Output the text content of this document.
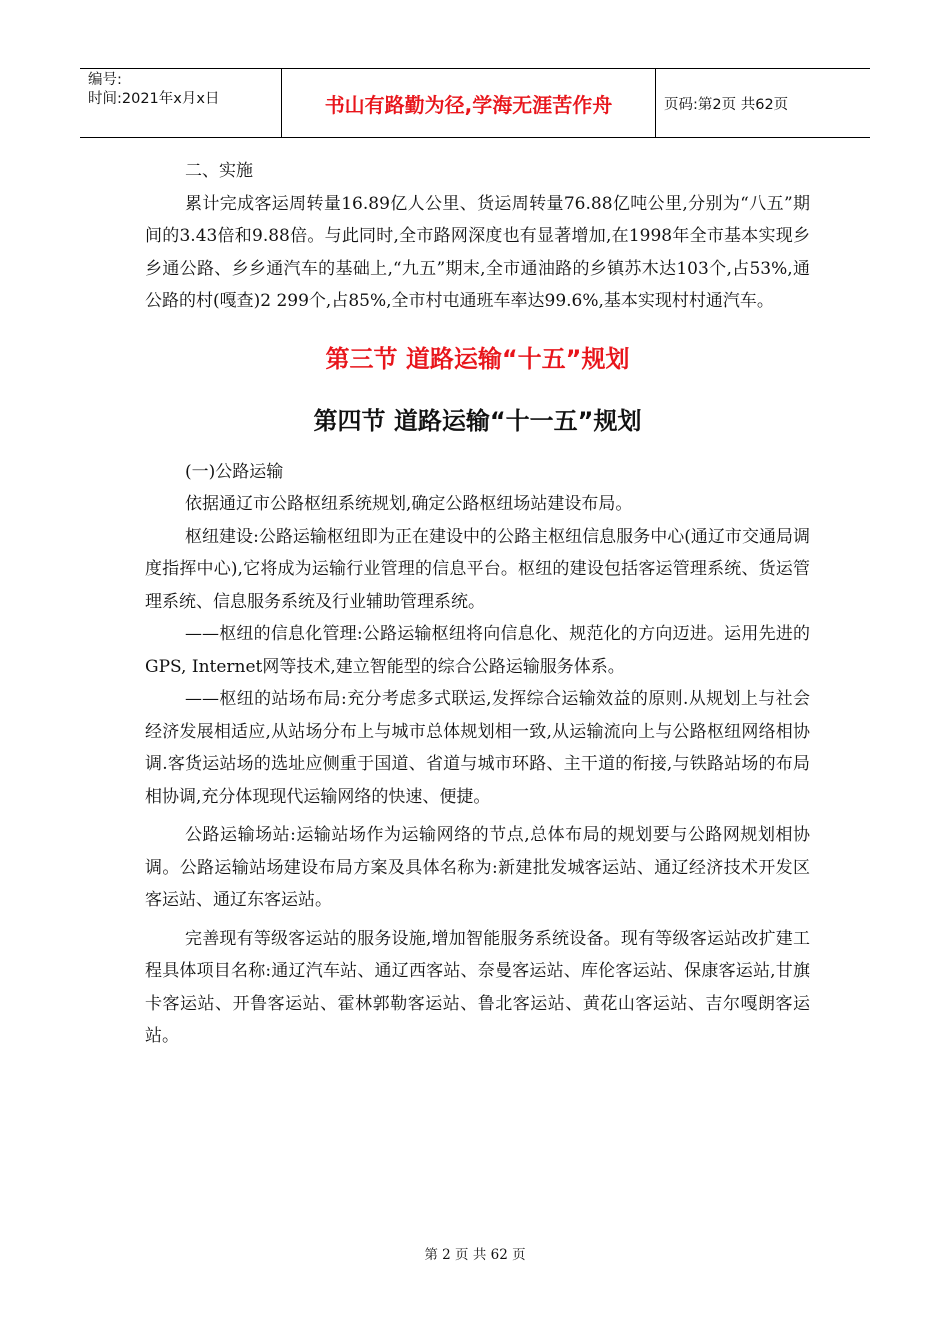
编号:
时间:2021年x月x日	书山有路勤为径,学海无涯苦作舟	页码:第2页 共62页

二、实施

累计完成客运周转量16.89亿人公里、货运周转量76.88亿吨公里,分别为“八五”期间的3.43倍和9.88倍。与此同时,全市路网深度也有显著增加,在1998年全市基本实现乡乡通公路、乡乡通汽车的基础上,“九五”期末,全市通油路的乡镇苏木达103个,占53%,通公路的村(嘎查)2 299个,占85%,全市村屯通班车率达99.6%,基本实现村村通汽车。

第三节 道路运输“十五”规划
第四节 道路运输“十一五”规划

(一)公路运输

依据通辽市公路枢纽系统规划,确定公路枢纽场站建设布局。

枢纽建设:公路运输枢纽即为正在建设中的公路主枢纽信息服务中心(通辽市交通局调度指挥中心),它将成为运输行业管理的信息平台。枢纽的建设包括客运管理系统、货运管理系统、信息服务系统及行业辅助管理系统。

——枢纽的信息化管理:公路运输枢纽将向信息化、规范化的方向迈进。运用先进的GPS, Internet网等技术,建立智能型的综合公路运输服务体系。

——枢纽的站场布局:充分考虑多式联运,发挥综合运输效益的原则.从规划上与社会经济发展相适应,从站场分布上与城市总体规划相一致,从运输流向上与公路枢纽网络相协调.客货运站场的选址应侧重于国道、省道与城市环路、主干道的衔接,与铁路站场的布局相协调,充分体现现代运输网络的快速、便捷。

公路运输场站:运输站场作为运输网络的节点,总体布局的规划要与公路网规划相协调。公路运输站场建设布局方案及具体名称为:新建批发城客运站、通辽经济技术开发区客运站、通辽东客运站。

完善现有等级客运站的服务设施,增加智能服务系统设备。现有等级客运站改扩建工程具体项目名称:通辽汽车站、通辽西客站、奈曼客运站、库伦客运站、保康客运站,甘旗卡客运站、开鲁客运站、霍林郭勒客运站、鲁北客运站、黄花山客运站、吉尔嘎朗客运站。

第 2 页 共 62 页
